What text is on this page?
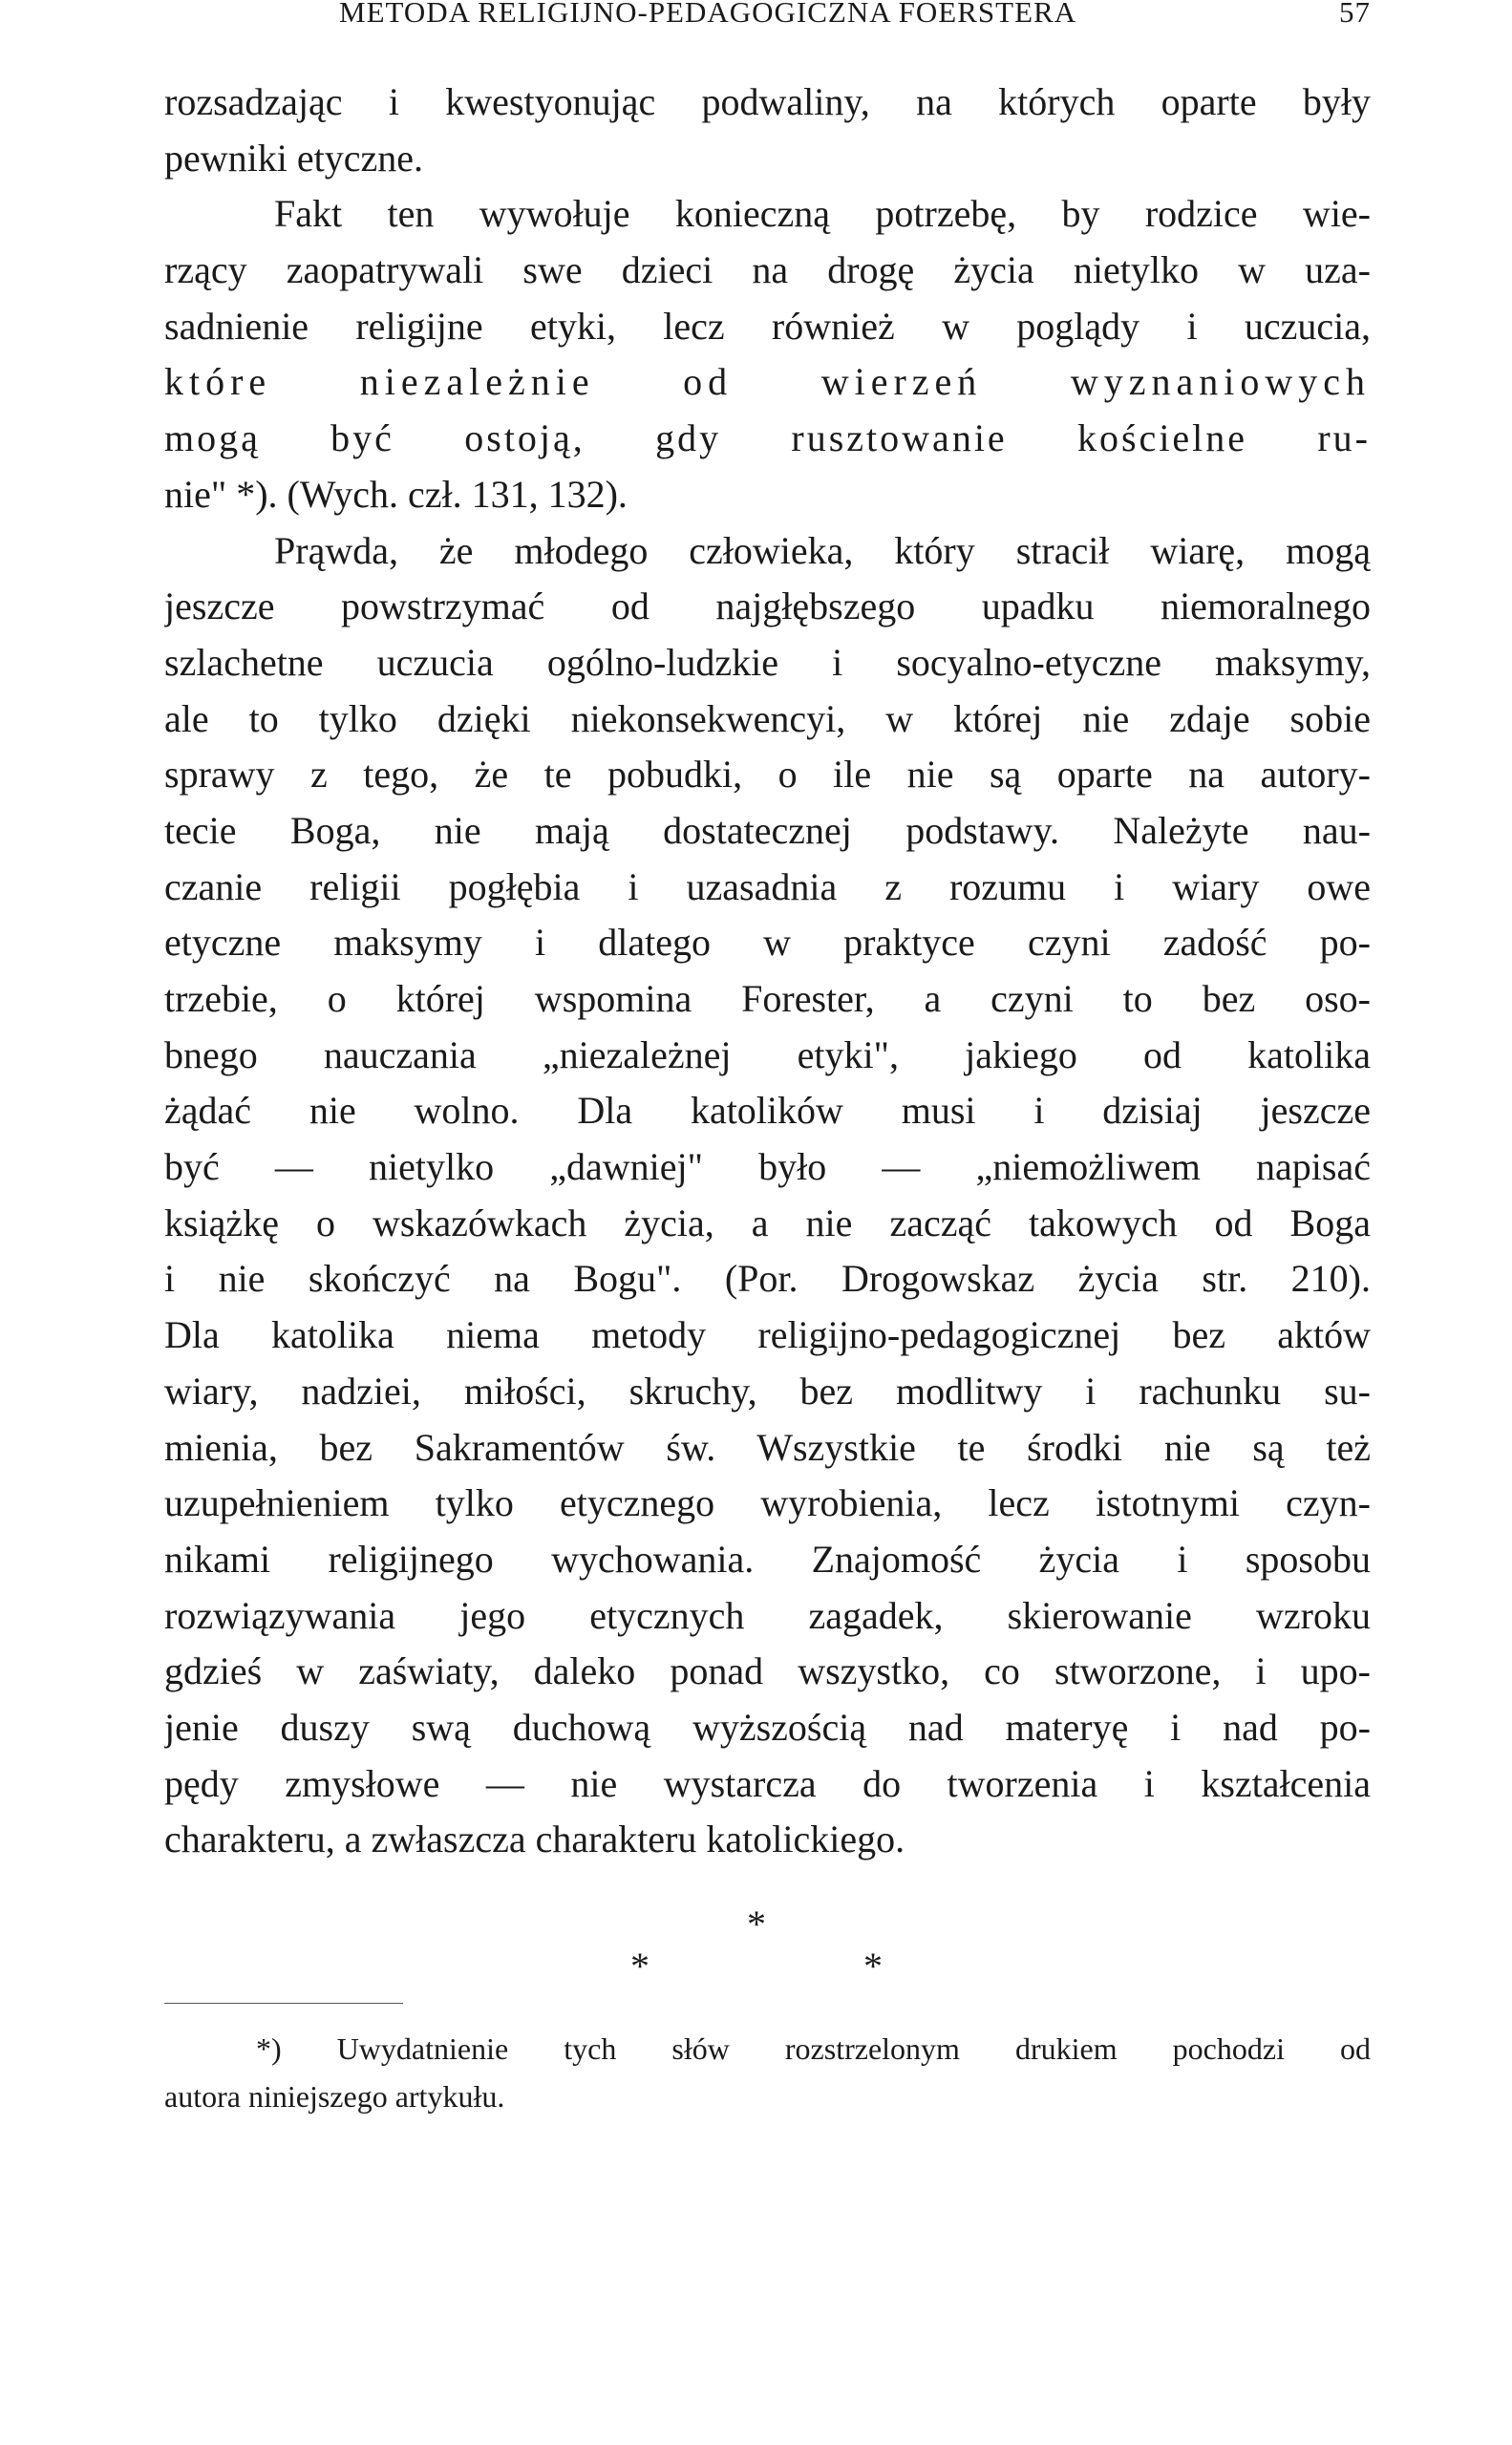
METODA RELIGIJNO-PEDAGOGICZNA FOERSTERA	57
rozsadzając i kwestyonując podwaliny, na których oparte były
pewniki etyczne.
Fakt ten wywołuje konieczną potrzebę, by rodzice wie-
rzący zaopatrywali swe dzieci na drogę życia nietylko w uza-
sadnienie religijne etyki, lecz również w poglądy i uczucia,
które niezależnie od wierzeń wyznaniowych
mogą być ostoją, gdy rusztowanie kościelne ru-
nie" *). (Wych. czł. 131, 132).
Prąwda, że młodego człowieka, który stracił wiarę, mogą
jeszcze powstrzymać od najgłębszego upadku niemoralnego
szlachetne uczucia ogólno-ludzkie i socyalno-etyczne maksymy,
ale to tylko dzięki niekonsekwencyi, w której nie zdaje sobie
sprawy z tego, że te pobudki, o ile nie są oparte na autory-
tecie Boga, nie mają dostatecznej podstawy. Należyte nau-
czanie religii pogłębia i uzasadnia z rozumu i wiary owe
etyczne maksymy i dlatego w praktyce czyni zadość po-
trzebie, o której wspomina Forester, a czyni to bez oso-
bnego nauczania „niezależnej etyki", jakiego od katolika
żądać nie wolno. Dla katolików musi i dzisiaj jeszcze
być — nietylko „dawniej" było — „niemożliwem napisać
książkę o wskazówkach życia, a nie zacząć takowych od Boga
i nie skończyć na Bogu". (Por. Drogowskaz życia str. 210).
Dla katolika niema metody religijno-pedagogicznej bez aktów
wiary, nadziei, miłości, skruchy, bez modlitwy i rachunku su-
mienia, bez Sakramentów św. Wszystkie te środki nie są też
uzupełnieniem tylko etycznego wyrobienia, lecz istotnymi czyn-
nikami religijnego wychowania. Znajomość życia i sposobu
rozwiązywania jego etycznych zagadek, skierowanie wzroku
gdzieś w zaświaty, daleko ponad wszystko, co stworzone, i upo-
jenie duszy swą duchową wyższością nad materyę i nad po-
pędy zmysłowe — nie wystarcza do tworzenia i kształcenia
charakteru, a zwłaszcza charakteru katolickiego.
*
*
*
*) Uwydatnienie tych słów rozstrzelonym drukiem pochodzi od
autora niniejszego artykułu.
